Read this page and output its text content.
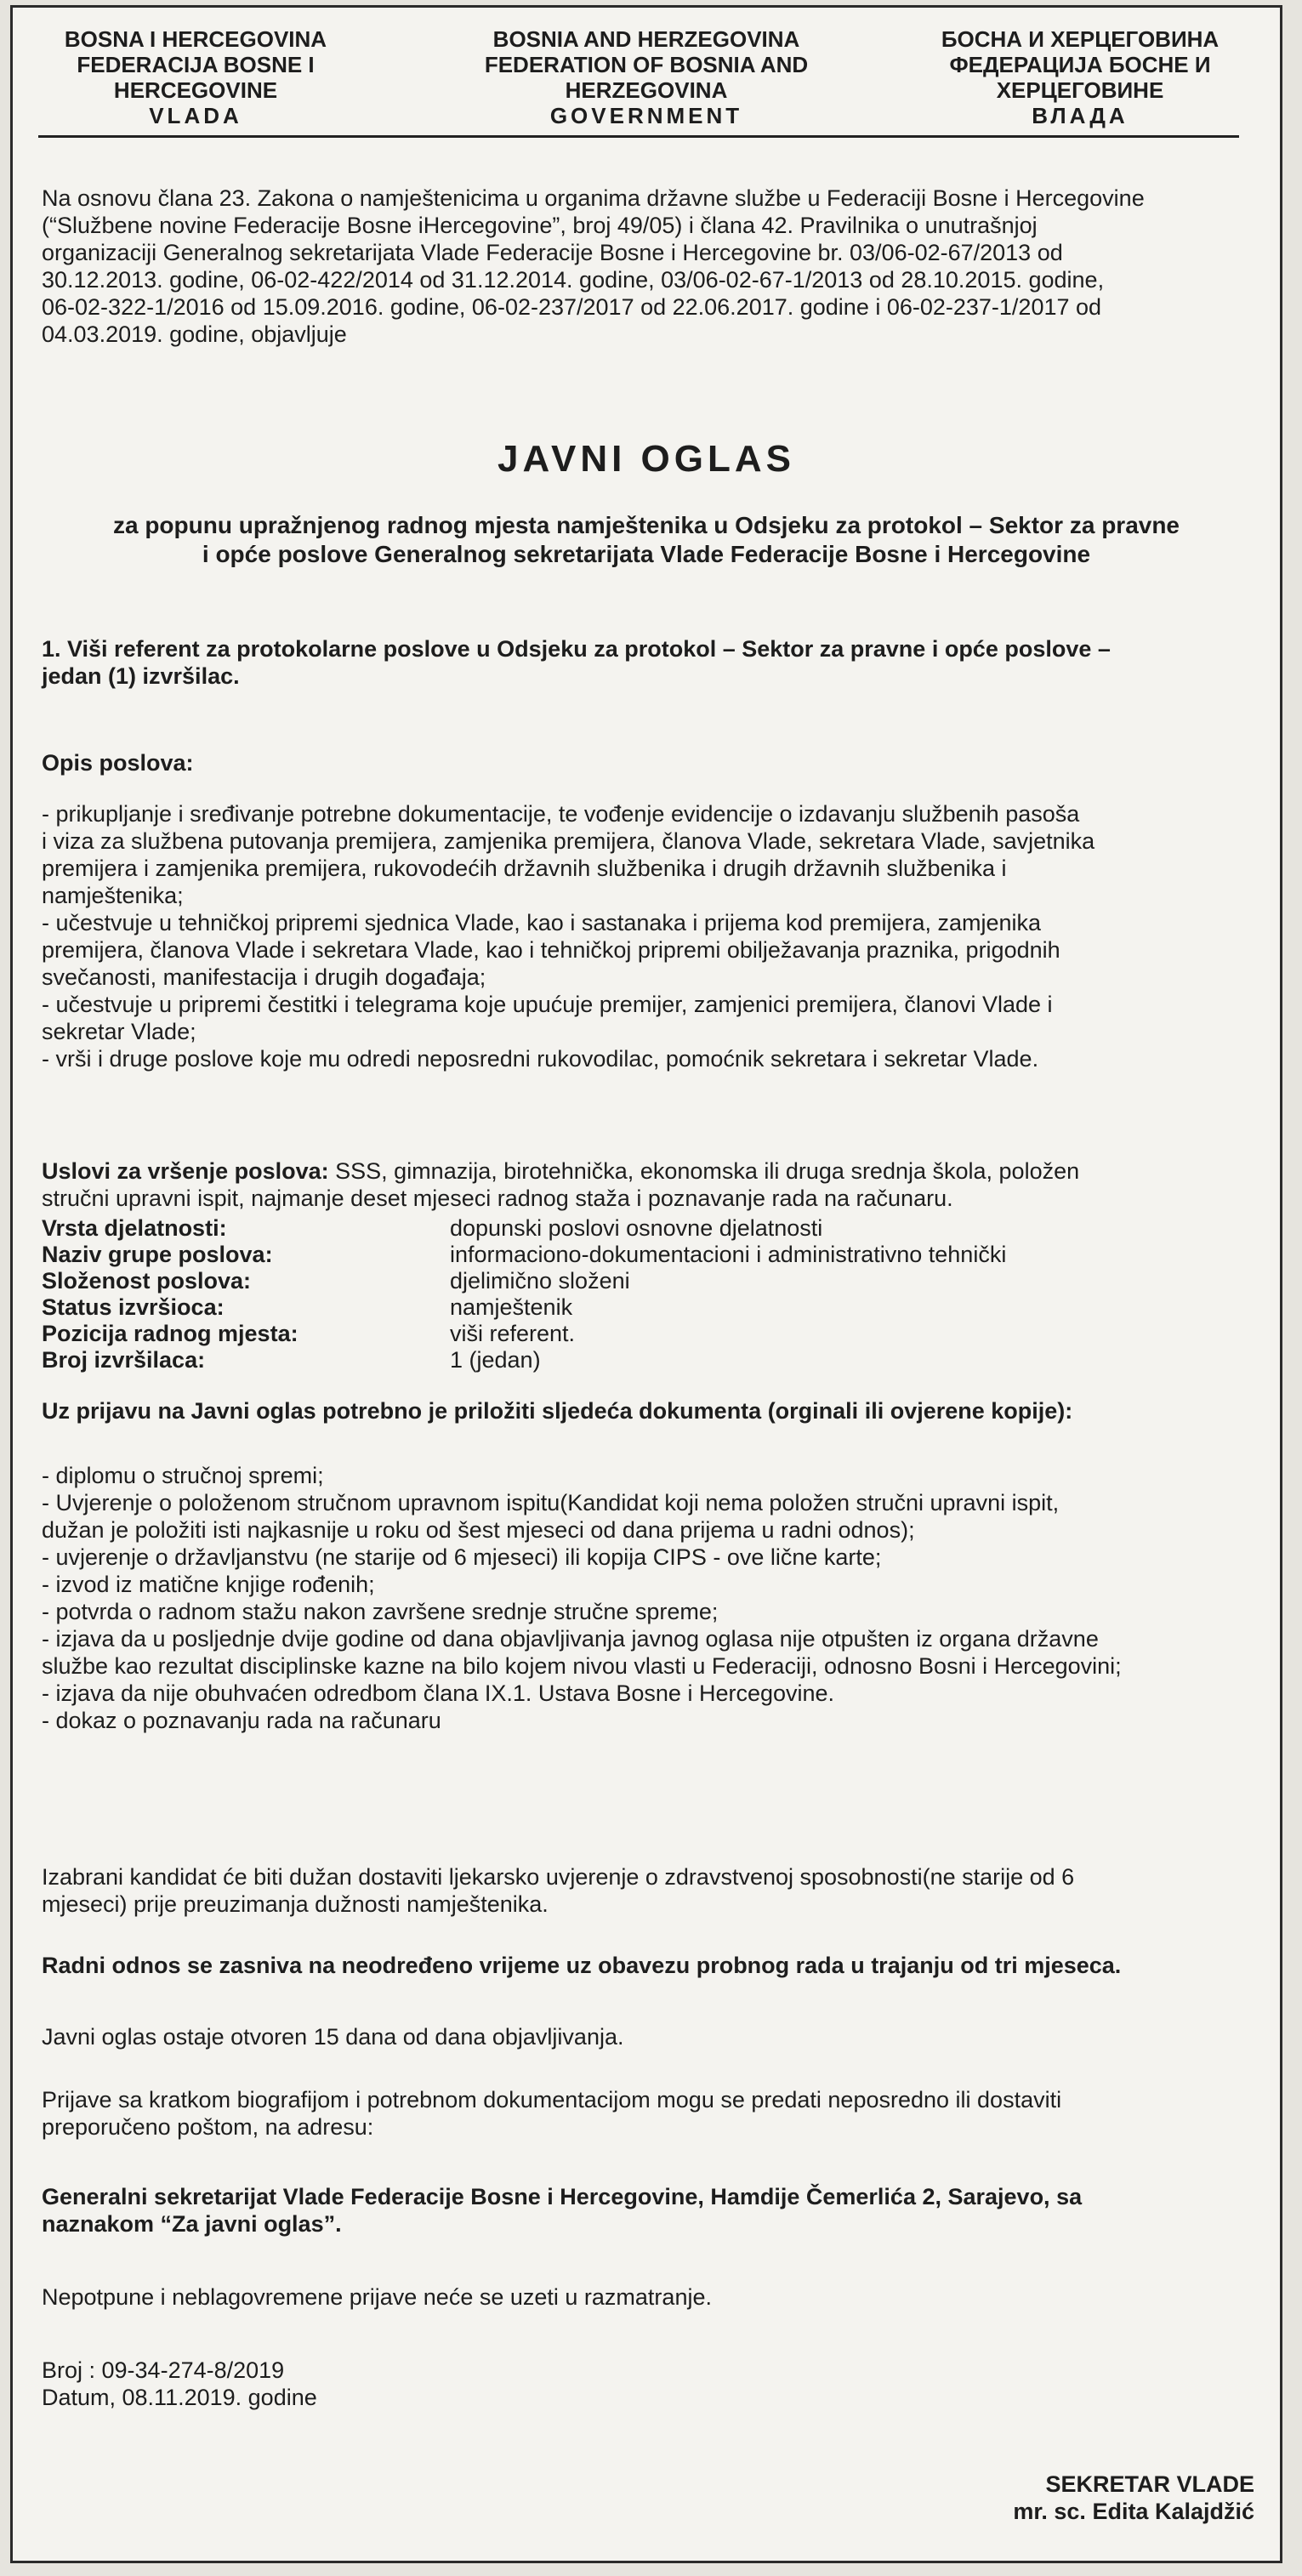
BOSNA I HERCEGOVINA
FEDERACIJA BOSNE I
HERCEGOVINE
VLADA
BOSNIA AND HERZEGOVINA
FEDERATION OF BOSNIA AND
HERZEGOVINA
GOVERNMENT
БОСНА И ХЕРЦЕГОВИНА
ФЕДЕРАЦИЈА БОСНЕ И
ХЕРЦЕГОВИНЕ
ВЛАДА
Na osnovu člana 23. Zakona o namještenicima u organima državne službe u Federaciji Bosne i Hercegovine
(“Službene novine Federacije Bosne iHercegovine”, broj 49/05) i člana 42. Pravilnika o unutrašnjoj
organizaciji Generalnog sekretarijata Vlade Federacije Bosne i Hercegovine br. 03/06-02-67/2013 od
30.12.2013. godine, 06-02-422/2014 od 31.12.2014. godine, 03/06-02-67-1/2013 od 28.10.2015. godine,
06-02-322-1/2016 od 15.09.2016. godine, 06-02-237/2017 od 22.06.2017. godine i 06-02-237-1/2017 od
04.03.2019. godine, objavljuje
JAVNI OGLAS
za popunu upražnjenog radnog mjesta namještenika u Odsjeku za protokol – Sektor za pravne
i opće poslove Generalnog sekretarijata Vlade Federacije Bosne i Hercegovine
1. Viši referent za protokolarne poslove u Odsjeku za protokol – Sektor za pravne i opće poslove –
jedan (1) izvršilac.
Opis poslova:
- prikupljanje i sređivanje potrebne dokumentacije, te vođenje evidencije o izdavanju službenih pasoša
i viza za službena putovanja premijera, zamjenika premijera, članova Vlade, sekretara Vlade, savjetnika
premijera i zamjenika premijera, rukovodećih državnih službenika i drugih državnih službenika i
namještenika;
- učestvuje u tehničkoj pripremi sjednica Vlade, kao i sastanaka i prijema kod premijera, zamjenika
premijera, članova Vlade i sekretara Vlade, kao i tehničkoj pripremi obilježavanja praznika, prigodnih
svečanosti, manifestacija i drugih događaja;
- učestvuje u pripremi čestitki i telegrama koje upućuje premijer, zamjenici premijera, članovi Vlade i
sekretar Vlade;
- vrši i druge poslove koje mu odredi neposredni rukovodilac, pomoćnik sekretara i sekretar Vlade.
Uslovi za vršenje poslova: SSS, gimnazija, birotehnička, ekonomska ili druga srednja škola, položen
stručni upravni ispit, najmanje deset mjeseci radnog staža i poznavanje rada na računaru.
Vrsta djelatnosti:	dopunski poslovi osnovne djelatnosti
Naziv grupe poslova:	informaciono-dokumentacioni i administrativno tehnički
Složenost poslova:	djelimično složeni
Status izvršioca:	namještenik
Pozicija radnog mjesta:	viši referent.
Broj izvršilaca:	1 (jedan)
Uz prijavu na Javni oglas potrebno je priložiti sljedeća dokumenta (orginali ili ovjerene kopije):
- diplomu o stručnoj spremi;
- Uvjerenje o položenom stručnom upravnom ispitu(Kandidat koji nema položen stručni upravni ispit,
dužan je položiti isti najkasnije u roku od šest mjeseci od dana prijema u radni odnos);
- uvjerenje o državljanstvu (ne starije od 6 mjeseci) ili kopija CIPS - ove lične karte;
- izvod iz matične knjige rođenih;
- potvrda o radnom stažu nakon završene srednje stručne spreme;
- izjava da u posljednje dvije godine od dana objavljivanja javnog oglasa nije otpušten iz organa državne
službe kao rezultat disciplinske kazne na bilo kojem nivou vlasti u Federaciji, odnosno Bosni i Hercegovini;
- izjava da nije obuhvaćen odredbom člana IX.1. Ustava Bosne i Hercegovine.
- dokaz o poznavanju rada na računaru
Izabrani kandidat će biti dužan dostaviti ljekarsko uvjerenje o zdravstvenoj sposobnosti(ne starije od 6
mjeseci) prije preuzimanja dužnosti namještenika.
Radni odnos se zasniva na neodređeno vrijeme uz obavezu probnog rada u trajanju od tri mjeseca.
Javni oglas ostaje otvoren 15 dana od dana objavljivanja.
Prijave sa kratkom biografijom i potrebnom dokumentacijom mogu se predati neposredno ili dostaviti
preporučeno poštom, na adresu:
Generalni sekretarijat Vlade Federacije Bosne i Hercegovine, Hamdije Čemerlića 2, Sarajevo, sa
naznakom “Za javni oglas”.
Nepotpune i neblagovremene prijave neće se uzeti u razmatranje.
Broj : 09-34-274-8/2019
Datum, 08.11.2019. godine
SEKRETAR VLADE
mr. sc. Edita Kalajdžić
